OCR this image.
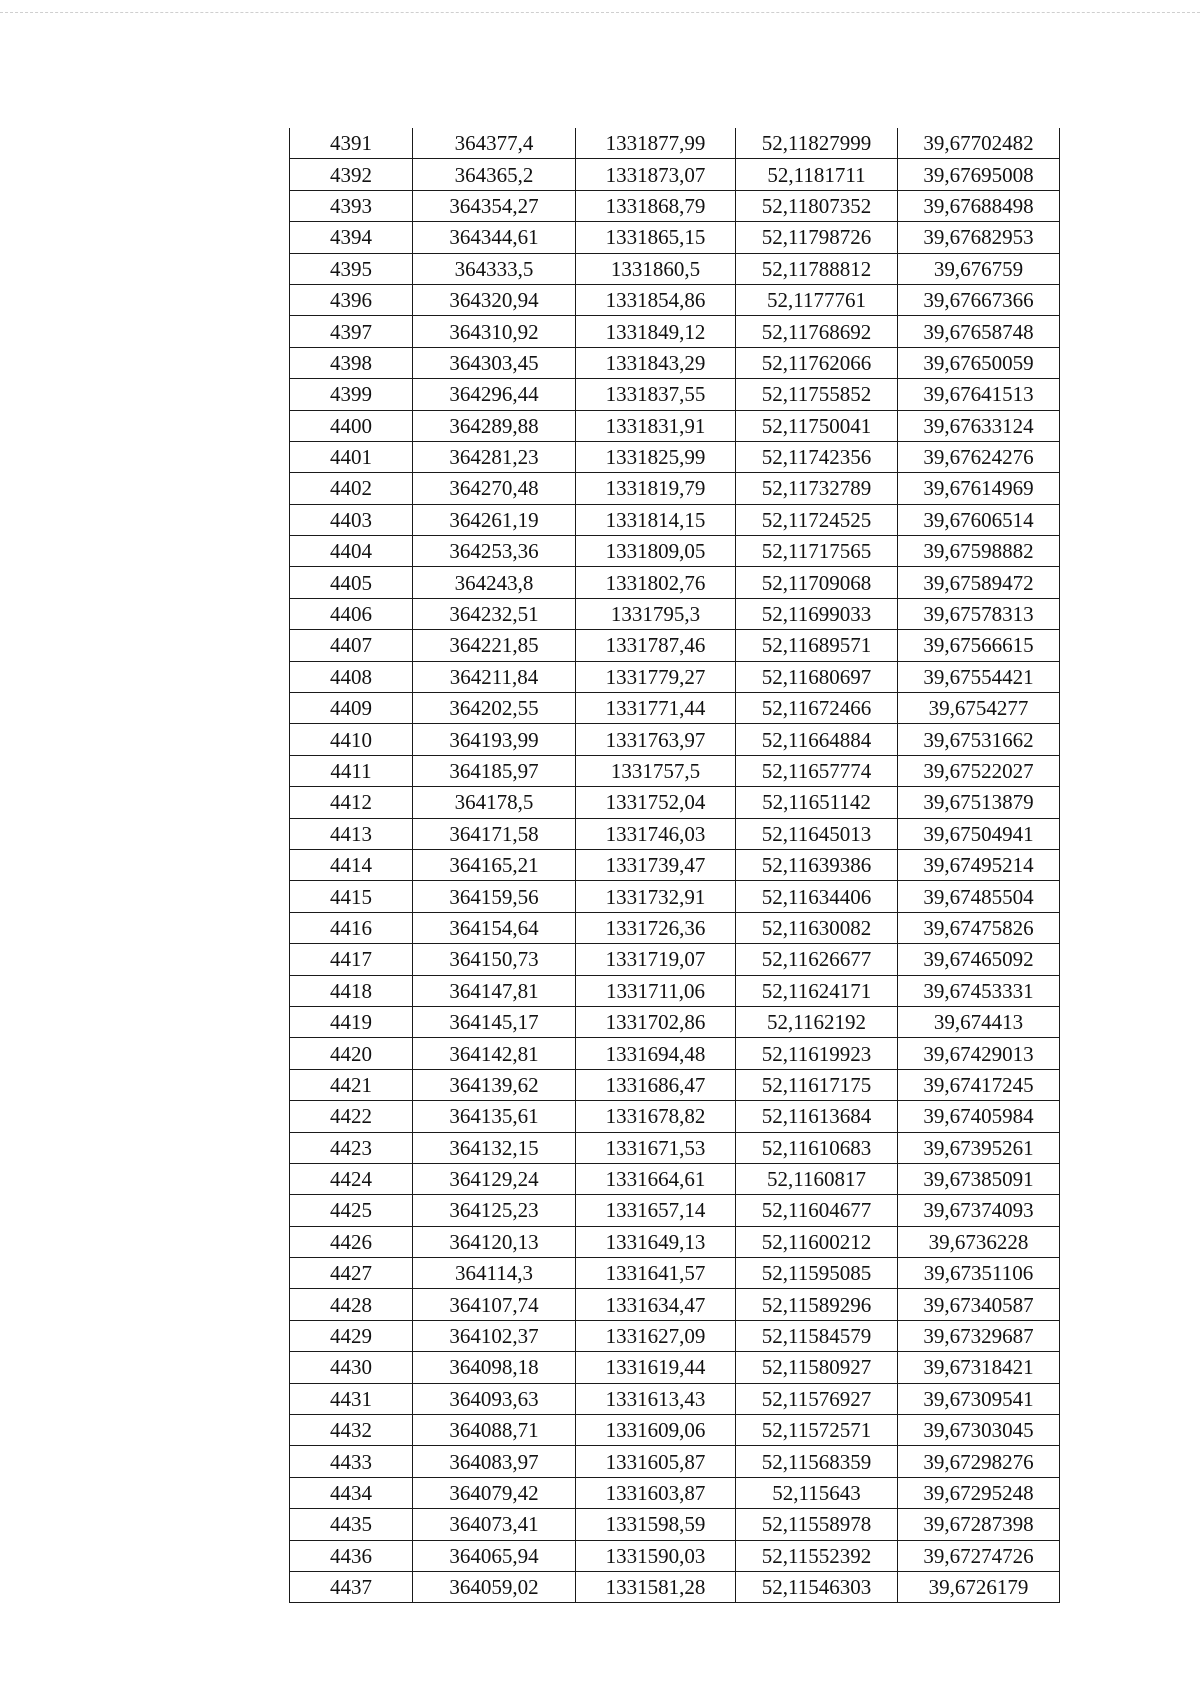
4391	364377,4	1331877,99	52,11827999	39,67702482
4392	364365,2	1331873,07	52,1181711	39,67695008
4393	364354,27	1331868,79	52,11807352	39,67688498
4394	364344,61	1331865,15	52,11798726	39,67682953
4395	364333,5	1331860,5	52,11788812	39,676759
4396	364320,94	1331854,86	52,1177761	39,67667366
4397	364310,92	1331849,12	52,11768692	39,67658748
4398	364303,45	1331843,29	52,11762066	39,67650059
4399	364296,44	1331837,55	52,11755852	39,67641513
4400	364289,88	1331831,91	52,11750041	39,67633124
4401	364281,23	1331825,99	52,11742356	39,67624276
4402	364270,48	1331819,79	52,11732789	39,67614969
4403	364261,19	1331814,15	52,11724525	39,67606514
4404	364253,36	1331809,05	52,11717565	39,67598882
4405	364243,8	1331802,76	52,11709068	39,67589472
4406	364232,51	1331795,3	52,11699033	39,67578313
4407	364221,85	1331787,46	52,11689571	39,67566615
4408	364211,84	1331779,27	52,11680697	39,67554421
4409	364202,55	1331771,44	52,11672466	39,6754277
4410	364193,99	1331763,97	52,11664884	39,67531662
4411	364185,97	1331757,5	52,11657774	39,67522027
4412	364178,5	1331752,04	52,11651142	39,67513879
4413	364171,58	1331746,03	52,11645013	39,67504941
4414	364165,21	1331739,47	52,11639386	39,67495214
4415	364159,56	1331732,91	52,11634406	39,67485504
4416	364154,64	1331726,36	52,11630082	39,67475826
4417	364150,73	1331719,07	52,11626677	39,67465092
4418	364147,81	1331711,06	52,11624171	39,67453331
4419	364145,17	1331702,86	52,1162192	39,674413
4420	364142,81	1331694,48	52,11619923	39,67429013
4421	364139,62	1331686,47	52,11617175	39,67417245
4422	364135,61	1331678,82	52,11613684	39,67405984
4423	364132,15	1331671,53	52,11610683	39,67395261
4424	364129,24	1331664,61	52,1160817	39,67385091
4425	364125,23	1331657,14	52,11604677	39,67374093
4426	364120,13	1331649,13	52,11600212	39,6736228
4427	364114,3	1331641,57	52,11595085	39,67351106
4428	364107,74	1331634,47	52,11589296	39,67340587
4429	364102,37	1331627,09	52,11584579	39,67329687
4430	364098,18	1331619,44	52,11580927	39,67318421
4431	364093,63	1331613,43	52,11576927	39,67309541
4432	364088,71	1331609,06	52,11572571	39,67303045
4433	364083,97	1331605,87	52,11568359	39,67298276
4434	364079,42	1331603,87	52,115643	39,67295248
4435	364073,41	1331598,59	52,11558978	39,67287398
4436	364065,94	1331590,03	52,11552392	39,67274726
4437	364059,02	1331581,28	52,11546303	39,6726179
